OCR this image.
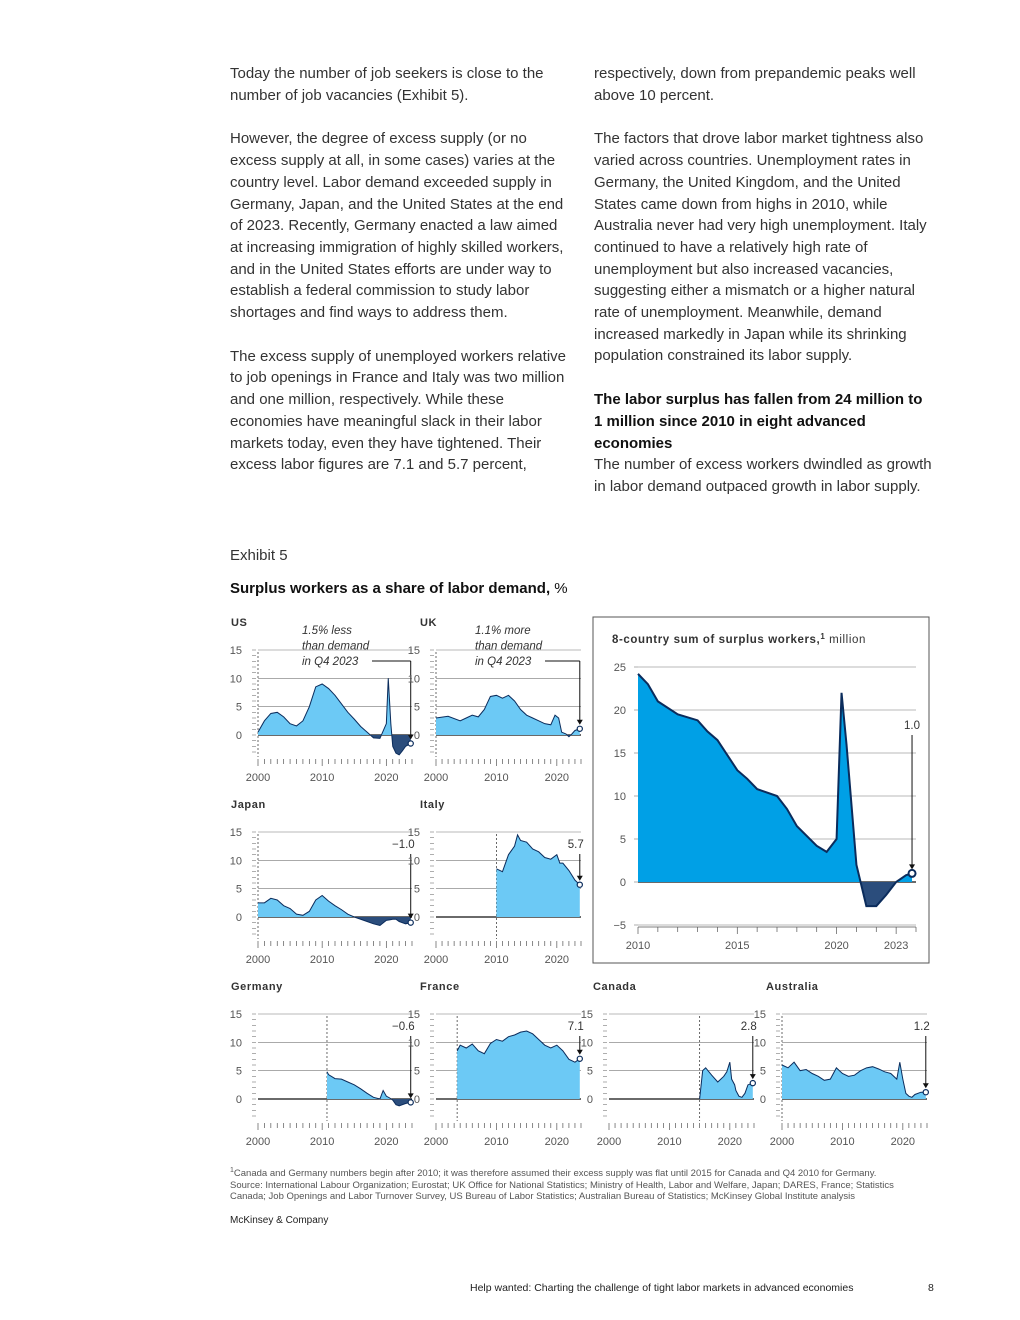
Today the number of job seekers is close to the number of job vacancies (Exhibit 5).

However, the degree of excess supply (or no excess supply at all, in some cases) varies at the country level. Labor demand exceeded supply in Germany, Japan, and the United States at the end of 2023. Recently, Germany enacted a law aimed at increasing immigration of highly skilled workers, and in the United States efforts are under way to establish a federal commission to study labor shortages and find ways to address them.

The excess supply of unemployed workers relative to job openings in France and Italy was two million and one million, respectively. While these economies have meaningful slack in their labor markets today, even they have tightened. Their excess labor figures are 7.1 and 5.7 percent,

respectively, down from prepandemic peaks well above 10 percent.

The factors that drove labor market tightness also varied across countries. Unemployment rates in Germany, the United Kingdom, and the United States came down from highs in 2010, while Australia never had very high unemployment. Italy continued to have a relatively high rate of unemployment but also increased vacancies, suggesting either a mismatch or a higher natural rate of unemployment. Meanwhile, demand increased markedly in Japan while its shrinking population constrained its labor supply.

The labor surplus has fallen from 24 million to 1 million since 2010 in eight advanced economies
The number of excess workers dwindled as growth in labor demand outpaced growth in labor supply.

Exhibit 5
Surplus workers as a share of labor demand, %
US
0
5
10
15
2000	2010	2020
1.5% less
than demand
in Q4 2023
UK
0
5
10
15
2000	2010	2020
1.1% more
than demand
in Q4 2023
Japan
0
5
10
15
2000	2010	2020
−1.0
Italy
0
5
10
15
2000	2010	2020
5.7
8-country sum of surplus workers,$^1$ million
−5
0
5
10
15
20
25
2010	2015	2020	2023
1.0
Germany
0
5
10
15
2000	2010	2020
−0.6
France
0
5
10
15
2000	2010	2020
7.1
Canada
0
5
10
15
2000	2010	2020
2.8
Australia
0
5
10
15
2000	2010	2020
1.2
$^1$Canada and Germany numbers begin after 2010; it was therefore assumed their excess supply was flat until 2015 for Canada and Q4 2010 for Germany.
Source: International Labour Organization; Eurostat; UK Office for National Statistics; Ministry of Health, Labor and Welfare, Japan; DARES, France; Statistics Canada; Job Openings and Labor Turnover Survey, US Bureau of Labor Statistics; Australian Bureau of Statistics; McKinsey Global Institute analysis
McKinsey & Company
Help wanted: Charting the challenge of tight labor markets in advanced economies	8
